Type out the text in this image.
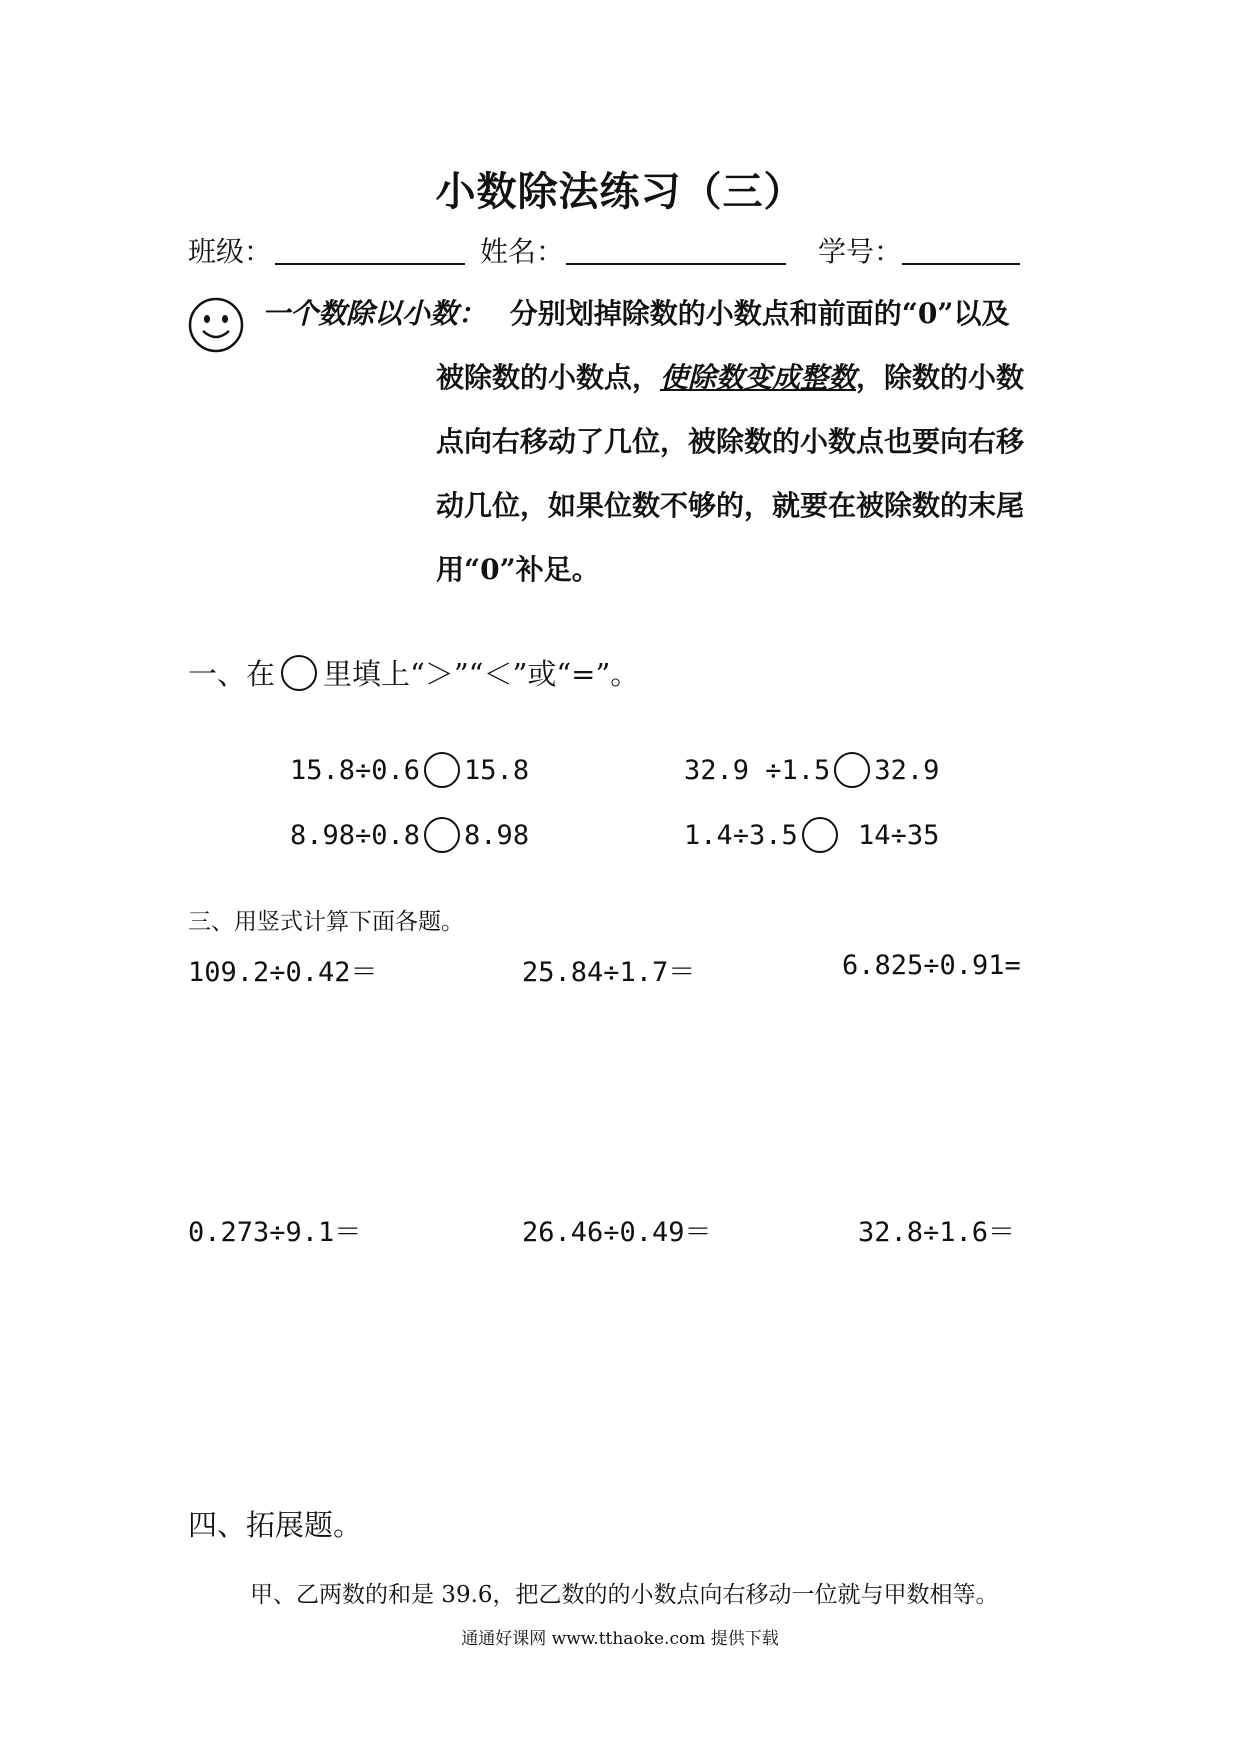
小数除法练习（三）
班级：	姓名：	学号：
一个数除以小数： 分别划掉除数的小数点和前面的“0”以及
被除数的小数点，使除数变成整数，除数的小数
点向右移动了几位，被除数的小数点也要向右移
动几位，如果位数不够的，就要在被除数的末尾
用“0”补足。
一、在 里填上“＞”“＜”或“=”。
15.8÷0.6 15.8	32.9 ÷1.5 32.9
8.98÷0.8 8.98	1.4÷3.5 14÷35
三、用竖式计算下面各题。
109.2÷0.42＝	25.84÷1.7＝	6.825÷0.91=
0.273÷9.1＝	26.46÷0.49＝	32.8÷1.6＝
四、拓展题。
甲、乙两数的和是 39.6，把乙数的的小数点向右移动一位就与甲数相等。
通通好课网 www.tthaoke.com 提供下载
